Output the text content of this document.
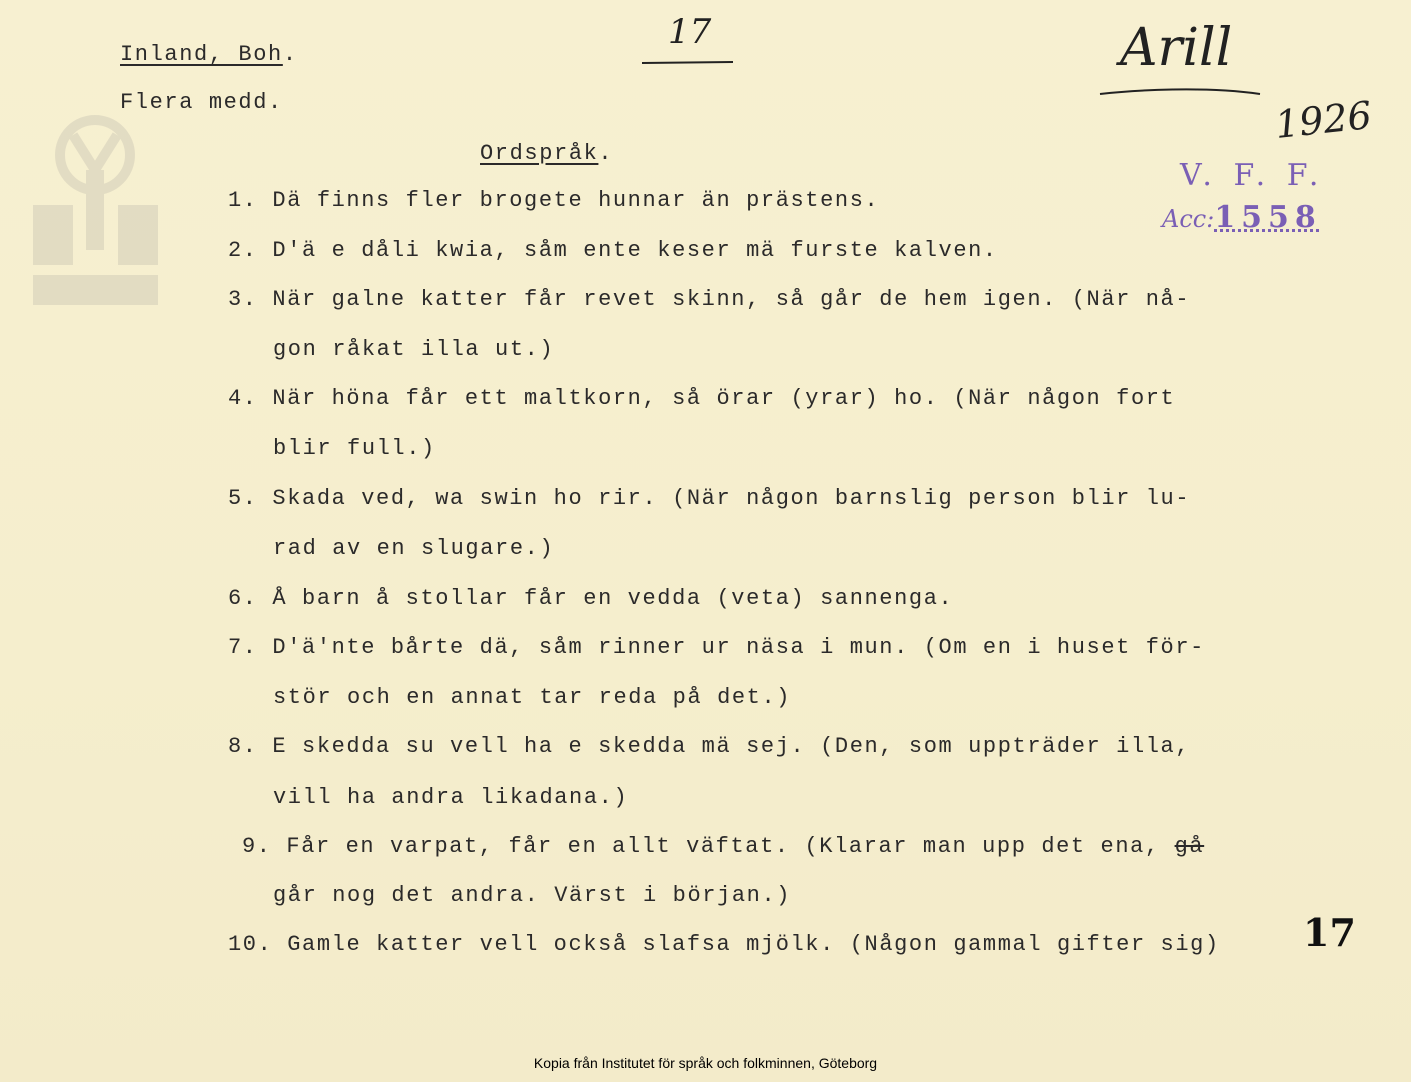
Inland, Boh.
Flera medd.
Ordspråk.
17	Arill
1926
V. F. F.
Acc:1558
1. Dä finns fler brogete hunnar än prästens.
2. D'ä e dåli kwia, såm ente keser mä furste kalven.
3. När galne katter får revet skinn, så går de hem igen. (När nå-
gon råkat illa ut.)
4. När höna får ett maltkorn, så örar (yrar) ho. (När någon fort
blir full.)
5. Skada ved, wa swin ho rir. (När någon barnslig person blir lu-
rad av en slugare.)
6. Å barn å stollar får en vedda (veta) sannenga.
7. D'ä'nte bårte dä, såm rinner ur näsa i mun. (Om en i huset för-
stör och en annat tar reda på det.)
8. E skedda su vell ha e skedda mä sej. (Den, som uppträder illa,
vill ha andra likadana.)
9. Får en varpat, får en allt väftat. (Klarar man upp det ena, gå
går nog det andra. Värst i början.)
10. Gamle katter vell också slafsa mjölk. (Någon gammal gifter sig) 17
Kopia från Institutet för språk och folkminnen, Göteborg
